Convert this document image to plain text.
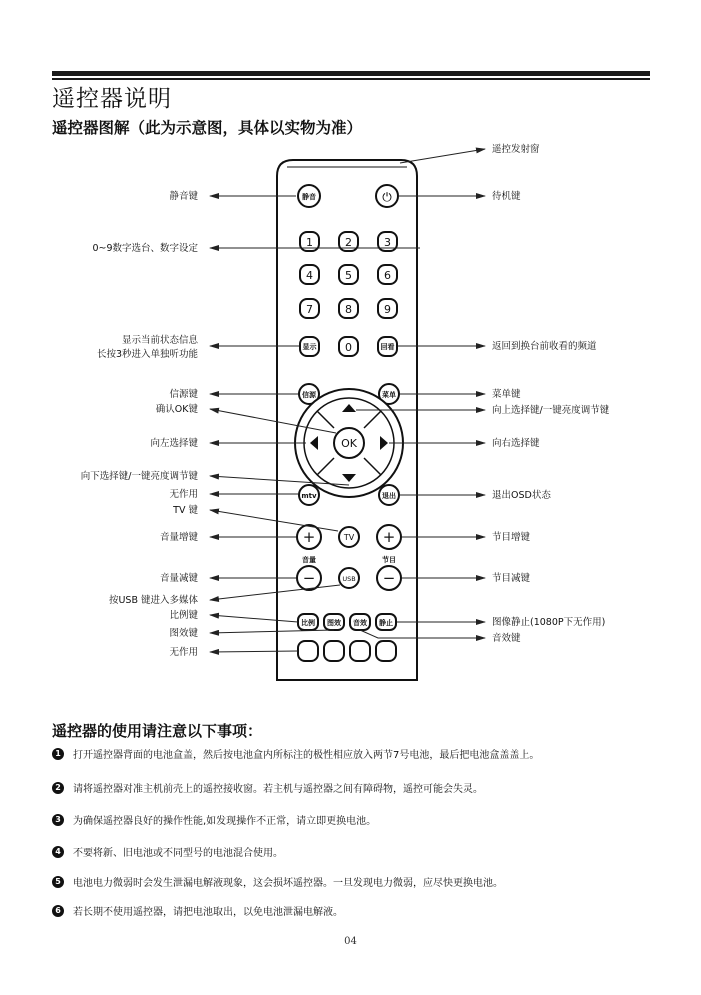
遥控器说明
遥控器图解（此为示意图，具体以实物为准）
静音	⏻
1	2	3
4	5	6
7	8	9
显示	0	回看
信源	菜单
OK
mtv	退出
+	TV +
音量	节目
−	USB −
比例 图效 音效 静止
静音键
0~9数字选台、数字设定
显示当前状态信息
长按3秒进入单独听功能
信源键
确认OK键
向左选择键
向下选择键/一键亮度调节键
无作用
TV 键
音量增键
音量减键
按USB 键进入多媒体
比例键
图效键
无作用
遥控发射窗
待机键
返回到换台前收看的频道
菜单键
向上选择键/一键亮度调节键
向右选择键
退出OSD状态
节目增键
节目减键
图像静止(1080P下无作用)
音效键
遥控器的使用请注意以下事项：
1	打开遥控器背面的电池盒盖，然后按电池盒内所标注的极性相应放入两节7号电池，最后把电池盒盖盖上。
2	请将遥控器对准主机前壳上的遥控接收窗。若主机与遥控器之间有障碍物，遥控可能会失灵。
3	为确保遥控器良好的操作性能,如发现操作不正常，请立即更换电池。
4	不要将新、旧电池或不同型号的电池混合使用。
5	电池电力微弱时会发生泄漏电解液现象，这会损坏遥控器。一旦发现电力微弱，应尽快更换电池。
6	若长期不使用遥控器，请把电池取出，以免电池泄漏电解液。
04
